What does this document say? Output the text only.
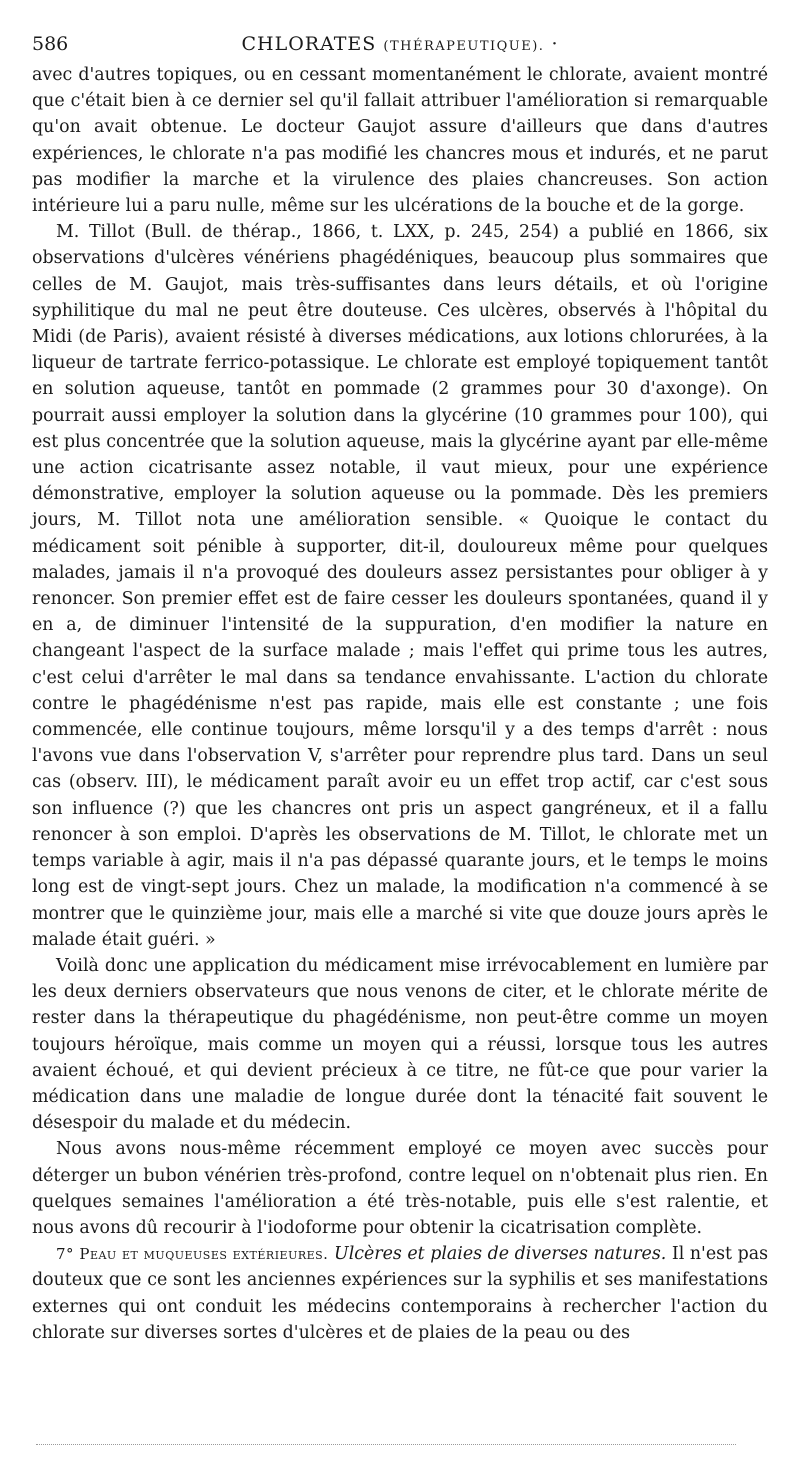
586	CHLORATES (THÉRAPEUTIQUE). ·

avec d'autres topiques, ou en cessant momentanément le chlorate, avaient montré que c'était bien à ce dernier sel qu'il fallait attribuer l'amélioration si remarquable qu'on avait obtenue. Le docteur Gaujot assure d'ailleurs que dans d'autres expériences, le chlorate n'a pas modifié les chancres mous et indurés, et ne parut pas modifier la marche et la virulence des plaies chancreuses. Son action intérieure lui a paru nulle, même sur les ulcérations de la bouche et de la gorge.

M. Tillot (Bull. de thérap., 1866, t. LXX, p. 245, 254) a publié en 1866, six observations d'ulcères vénériens phagédéniques, beaucoup plus sommaires que celles de M. Gaujot, mais très-suffisantes dans leurs détails, et où l'origine syphilitique du mal ne peut être douteuse. Ces ulcères, observés à l'hôpital du Midi (de Paris), avaient résisté à diverses médications, aux lotions chlorurées, à la liqueur de tartrate ferrico-potassique. Le chlorate est employé topiquement tantôt en solution aqueuse, tantôt en pommade (2 grammes pour 30 d'axonge). On pourrait aussi employer la solution dans la glycérine (10 grammes pour 100), qui est plus concentrée que la solution aqueuse, mais la glycérine ayant par elle-même une action cicatrisante assez notable, il vaut mieux, pour une expérience démonstrative, employer la solution aqueuse ou la pommade. Dès les premiers jours, M. Tillot nota une amélioration sensible. « Quoique le contact du médicament soit pénible à supporter, dit-il, douloureux même pour quelques malades, jamais il n'a provoqué des douleurs assez persistantes pour obliger à y renoncer. Son premier effet est de faire cesser les douleurs spontanées, quand il y en a, de diminuer l'intensité de la suppuration, d'en modifier la nature en changeant l'aspect de la surface malade ; mais l'effet qui prime tous les autres, c'est celui d'arrêter le mal dans sa tendance envahissante. L'action du chlorate contre le phagédénisme n'est pas rapide, mais elle est constante ; une fois commencée, elle continue toujours, même lorsqu'il y a des temps d'arrêt : nous l'avons vue dans l'observation V, s'arrêter pour reprendre plus tard. Dans un seul cas (observ. III), le médicament paraît avoir eu un effet trop actif, car c'est sous son influence (?) que les chancres ont pris un aspect gangréneux, et il a fallu renoncer à son emploi. D'après les observations de M. Tillot, le chlorate met un temps variable à agir, mais il n'a pas dépassé quarante jours, et le temps le moins long est de vingt-sept jours. Chez un malade, la modification n'a commencé à se montrer que le quinzième jour, mais elle a marché si vite que douze jours après le malade était guéri. »

Voilà donc une application du médicament mise irrévocablement en lumière par les deux derniers observateurs que nous venons de citer, et le chlorate mérite de rester dans la thérapeutique du phagédénisme, non peut-être comme un moyen toujours héroïque, mais comme un moyen qui a réussi, lorsque tous les autres avaient échoué, et qui devient précieux à ce titre, ne fût-ce que pour varier la médication dans une maladie de longue durée dont la ténacité fait souvent le désespoir du malade et du médecin.

Nous avons nous-même récemment employé ce moyen avec succès pour déterger un bubon vénérien très-profond, contre lequel on n'obtenait plus rien. En quelques semaines l'amélioration a été très-notable, puis elle s'est ralentie, et nous avons dû recourir à l'iodoforme pour obtenir la cicatrisation complète.

7° Peau et muqueuses extérieures. Ulcères et plaies de diverses natures. Il n'est pas douteux que ce sont les anciennes expériences sur la syphilis et ses manifestations externes qui ont conduit les médecins contemporains à rechercher l'action du chlorate sur diverses sortes d'ulcères et de plaies de la peau ou des
